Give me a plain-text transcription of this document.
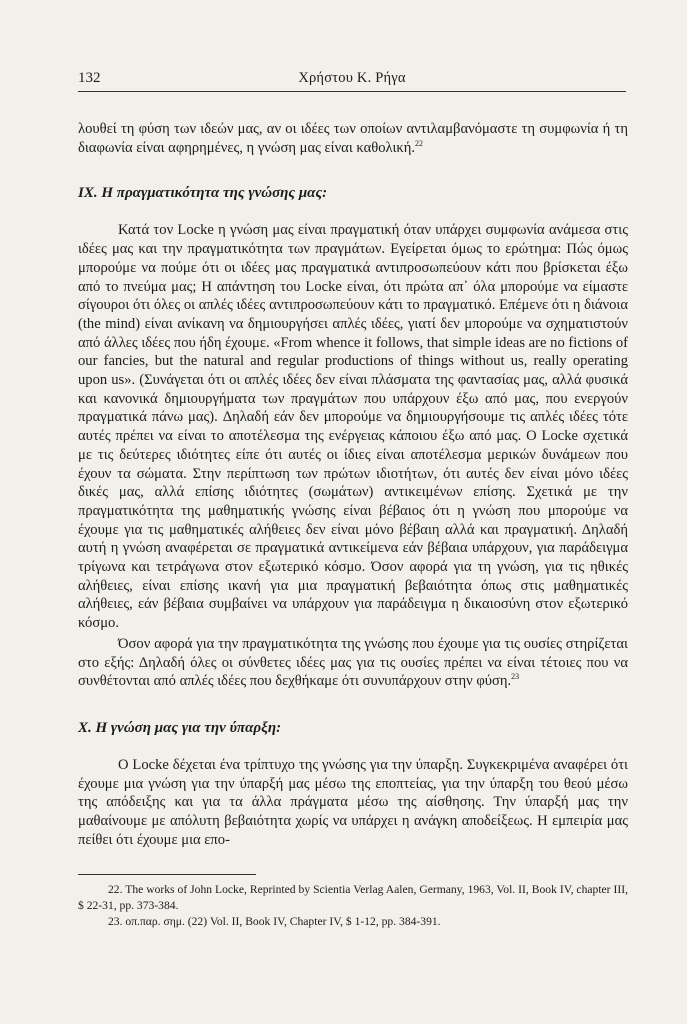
132	Χρήστου Κ. Ρήγα

λουθεί τη φύση των ιδεών μας, αν οι ιδέες των οποίων αντιλαμβανόμαστε τη συμφωνία ή τη διαφωνία είναι αφηρημένες, η γνώση μας είναι καθολική.$^{22}$

IX. Η πραγματικότητα της γνώσης μας:

Κατά τον Locke η γνώση μας είναι πραγματική όταν υπάρχει συμφωνία ανάμεσα στις ιδέες μας και την πραγματικότητα των πραγμάτων. Εγείρεται όμως το ερώτημα: Πώς όμως μπορούμε να πούμε ότι οι ιδέες μας πραγματικά αντιπροσωπεύουν κάτι που βρίσκεται έξω από το πνεύμα μας; Η απάντηση του Locke είναι, ότι πρώτα απ᾽ όλα μπορούμε να είμαστε σίγουροι ότι όλες οι απλές ιδέες αντιπροσωπεύουν κάτι το πραγματικό. Επέμενε ότι η διάνοια (the mind) είναι ανίκανη να δημιουργήσει απλές ιδέες, γιατί δεν μπορούμε να σχηματιστούν από άλλες ιδέες που ήδη έχουμε. «From whence it follows, that simple ideas are no fictions of our fancies, but the natural and regular productions of things without us, really operating upon us». (Συνάγεται ότι οι απλές ιδέες δεν είναι πλάσματα της φαντασίας μας, αλλά φυσικά και κανονικά δημιουργήματα των πραγμάτων που υπάρχουν έξω από μας, που ενεργούν πραγματικά πάνω μας). Δηλαδή εάν δεν μπορούμε να δημιουργήσουμε τις απλές ιδέες τότε αυτές πρέπει να είναι το αποτέλεσμα της ενέργειας κάποιου έξω από μας. Ο Locke σχετικά με τις δεύτερες ιδιότητες είπε ότι αυτές οι ίδιες είναι αποτέλεσμα μερικών δυνάμεων που έχουν τα σώματα. Στην περίπτωση των πρώτων ιδιοτήτων, ότι αυτές δεν είναι μόνο ιδέες δικές μας, αλλά επίσης ιδιότητες (σωμάτων) αντικειμένων επίσης. Σχετικά με την πραγματικότητα της μαθηματικής γνώσης είναι βέβαιος ότι η γνώση που μπορούμε να έχουμε για τις μαθηματικές αλήθειες δεν είναι μόνο βέβαιη αλλά και πραγματική. Δηλαδή αυτή η γνώση αναφέρεται σε πραγματικά αντικείμενα εάν βέβαια υπάρχουν, για παράδειγμα τρίγωνα και τετράγωνα στον εξωτερικό κόσμο. Όσον αφορά για τη γνώση, για τις ηθικές αλήθειες, είναι επίσης ικανή για μια πραγματική βεβαιότητα όπως στις μαθηματικές αλήθειες, εάν βέβαια συμβαίνει να υπάρχουν για παράδειγμα η δικαιοσύνη στον εξωτερικό κόσμο.

Όσον αφορά για την πραγματικότητα της γνώσης που έχουμε για τις ουσίες στηρίζεται στο εξής: Δηλαδή όλες οι σύνθετες ιδέες μας για τις ουσίες πρέπει να είναι τέτοιες που να συνθέτονται από απλές ιδέες που δεχθήκαμε ότι συνυπάρχουν στην φύση.$^{23}$

Χ. Η γνώση μας για την ύπαρξη:

Ο Locke δέχεται ένα τρίπτυχο της γνώσης για την ύπαρξη. Συγκεκριμένα αναφέρει ότι έχουμε μια γνώση για την ύπαρξή μας μέσω της εποπτείας, για την ύπαρξη του θεού μέσω της απόδειξης και για τα άλλα πράγματα μέσω της αίσθησης. Την ύπαρξή μας την μαθαίνουμε με απόλυτη βεβαιότητα χωρίς να υπάρχει η ανάγκη αποδείξεως. Η εμπειρία μας πείθει ότι έχουμε μια επο-

22. The works of John Locke, Reprinted by Scientia Verlag Aalen, Germany, 1963, Vol. II, Book IV, chapter III, $ 22-31, pp. 373-384.

23. οπ.παρ. σημ. (22) Vol. II, Book IV, Chapter IV, $ 1-12, pp. 384-391.
